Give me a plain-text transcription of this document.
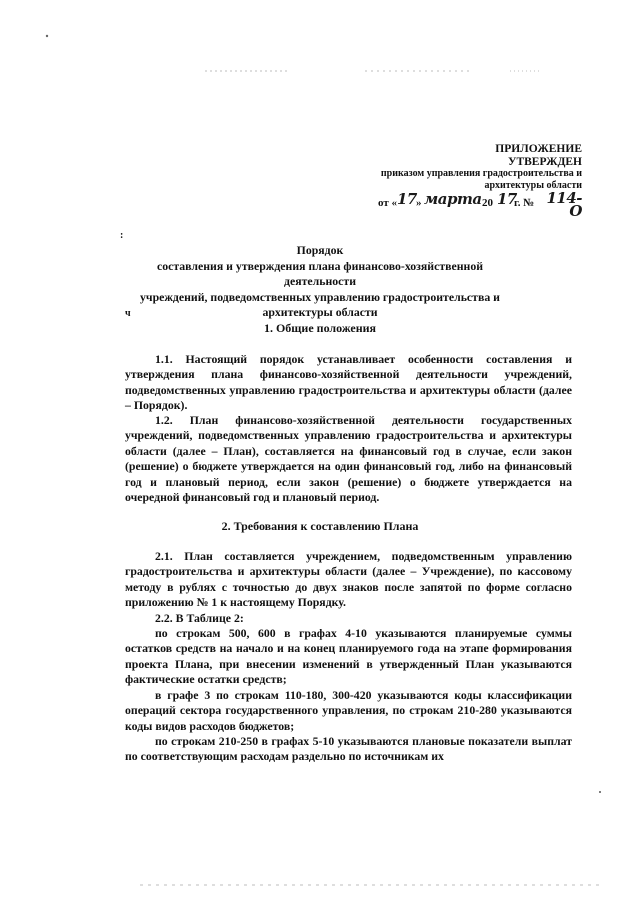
:
ч
ПРИЛОЖЕНИЕ
УТВЕРЖДЕН
приказом управления градостроительства и
архитектуры области
от « 17 » марта 20 17
г. № 114-О
Порядок
составления и утверждения плана финансово-хозяйственной деятельности
учреждений, подведомственных управлению градостроительства и
архитектуры области
1. Общие положения
1.1. Настоящий порядок устанавливает особенности составления и утверждения плана финансово-хозяйственной деятельности учреждений, подведомственных управлению градостроительства и архитектуры области (далее – Порядок).
1.2. План финансово-хозяйственной деятельности государственных учреждений, подведомственных управлению градостроительства и архитектуры области (далее – План), составляется на финансовый год в случае, если закон (решение) о бюджете утверждается на один финансовый год, либо на финансовый год и плановый период, если закон (решение) о бюджете утверждается на очередной финансовый год и плановый период.
2. Требования к составлению Плана
2.1. План составляется учреждением, подведомственным управлению градостроительства и архитектуры области (далее – Учреждение), по кассовому методу в рублях с точностью до двух знаков после запятой по форме согласно приложению № 1 к настоящему Порядку.
2.2. В Таблице 2:
по строкам 500, 600 в графах 4-10 указываются планируемые суммы остатков средств на начало и на конец планируемого года на этапе формирования проекта Плана, при внесении изменений в утвержденный План указываются фактические остатки средств;
в графе 3 по строкам 110-180, 300-420 указываются коды классификации операций сектора государственного управления, по строкам 210-280 указываются коды видов расходов бюджетов;
по строкам 210-250 в графах 5-10 указываются плановые показатели выплат по соответствующим расходам раздельно по источникам их
